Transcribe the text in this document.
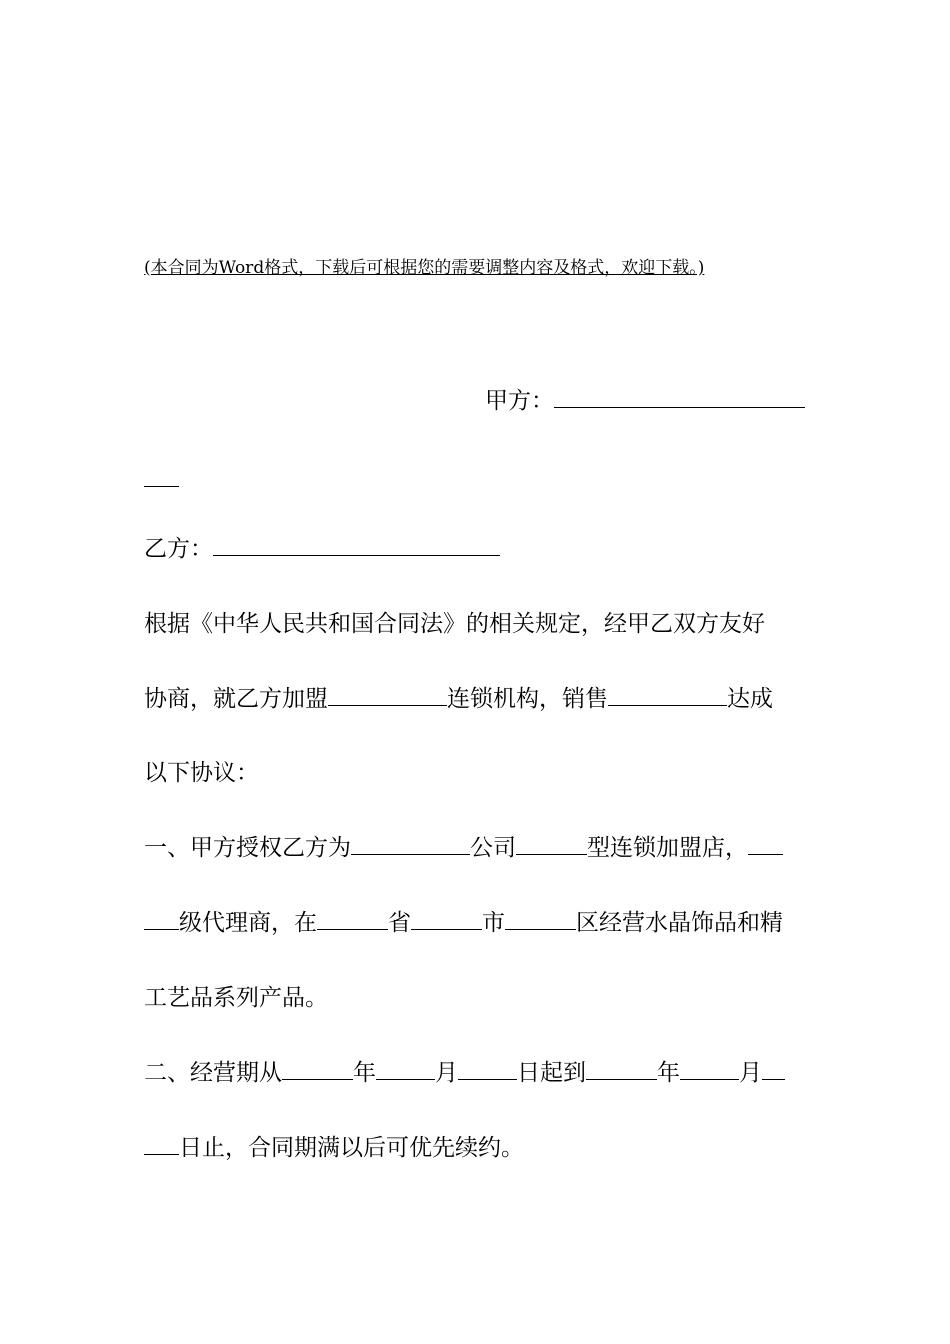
(本合同为Word格式，下载后可根据您的需要调整内容及格式，欢迎下载。)
甲方：
乙方：
根据《中华人民共和国合同法》的相关规定，经甲乙双方友好
协商，就乙方加盟	连锁机构，销售	达成
以下协议：
一、甲方授权乙方为	公司	型连锁加盟店，
级代理商，在	省	市	区经营水晶饰品和精
工艺品系列产品。
二、经营期从	年	月	日起到	年	月
日止，合同期满以后可优先续约。
